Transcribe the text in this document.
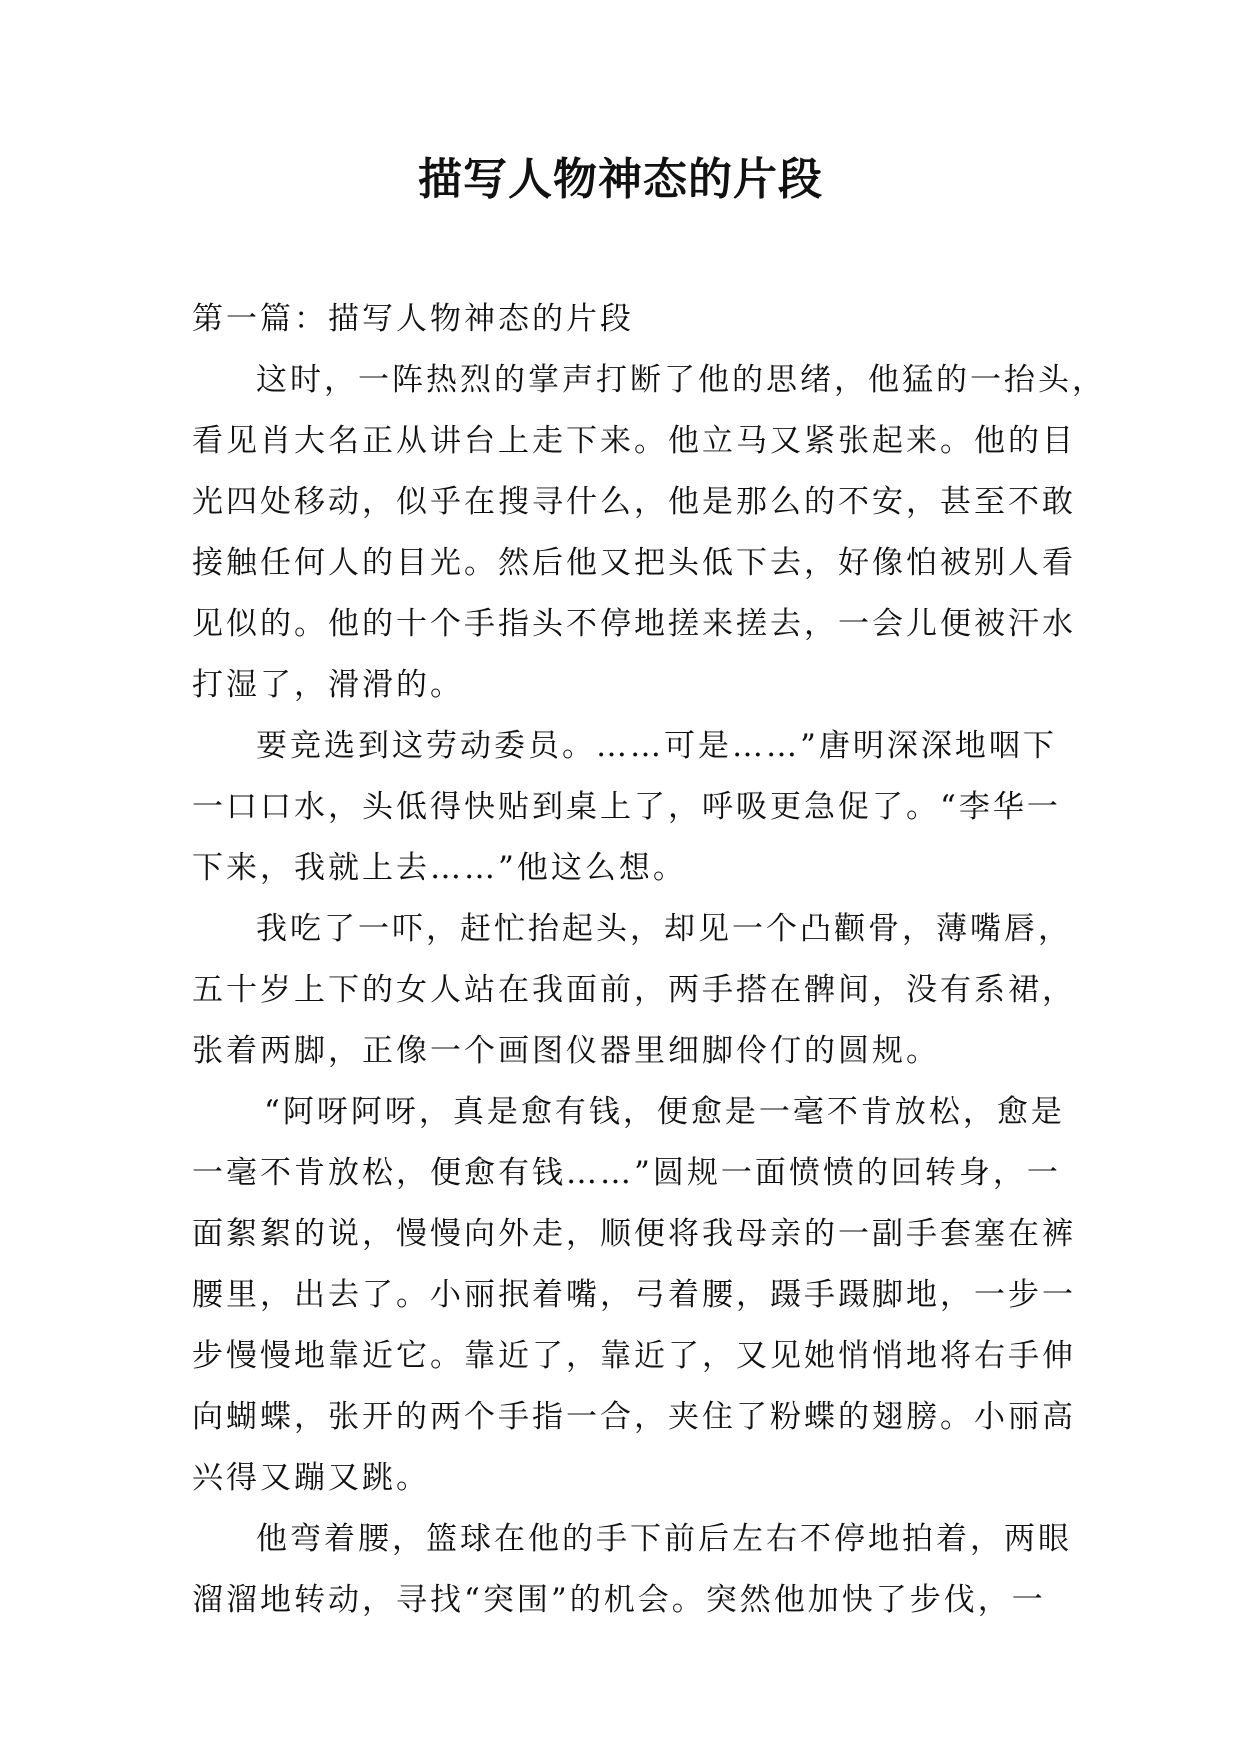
描写人物神态的片段
第一篇：描写人物神态的片段
这时，一阵热烈的掌声打断了他的思绪，他猛的一抬头，
看见肖大名正从讲台上走下来。他立马又紧张起来。他的目
光四处移动，似乎在搜寻什么，他是那么的不安，甚至不敢
接触任何人的目光。然后他又把头低下去，好像怕被别人看
见似的。他的十个手指头不停地搓来搓去，一会儿便被汗水
打湿了，滑滑的。
要竞选到这劳动委员。……可是……”唐明深深地咽下
一口口水，头低得快贴到桌上了，呼吸更急促了。“李华一
下来，我就上去……”他这么想。
我吃了一吓，赶忙抬起头，却见一个凸颧骨，薄嘴唇，
五十岁上下的女人站在我面前，两手搭在髀间，没有系裙，
张着两脚，正像一个画图仪器里细脚伶仃的圆规。
“阿呀阿呀，真是愈有钱，便愈是一毫不肯放松，愈是
一毫不肯放松，便愈有钱……”圆规一面愤愤的回转身，一
面絮絮的说，慢慢向外走，顺便将我母亲的一副手套塞在裤
腰里，出去了。小丽抿着嘴，弓着腰，蹑手蹑脚地，一步一
步慢慢地靠近它。靠近了，靠近了，又见她悄悄地将右手伸
向蝴蝶，张开的两个手指一合，夹住了粉蝶的翅膀。小丽高
兴得又蹦又跳。
他弯着腰，篮球在他的手下前后左右不停地拍着，两眼
溜溜地转动，寻找“突围”的机会。突然他加快了步伐，一
